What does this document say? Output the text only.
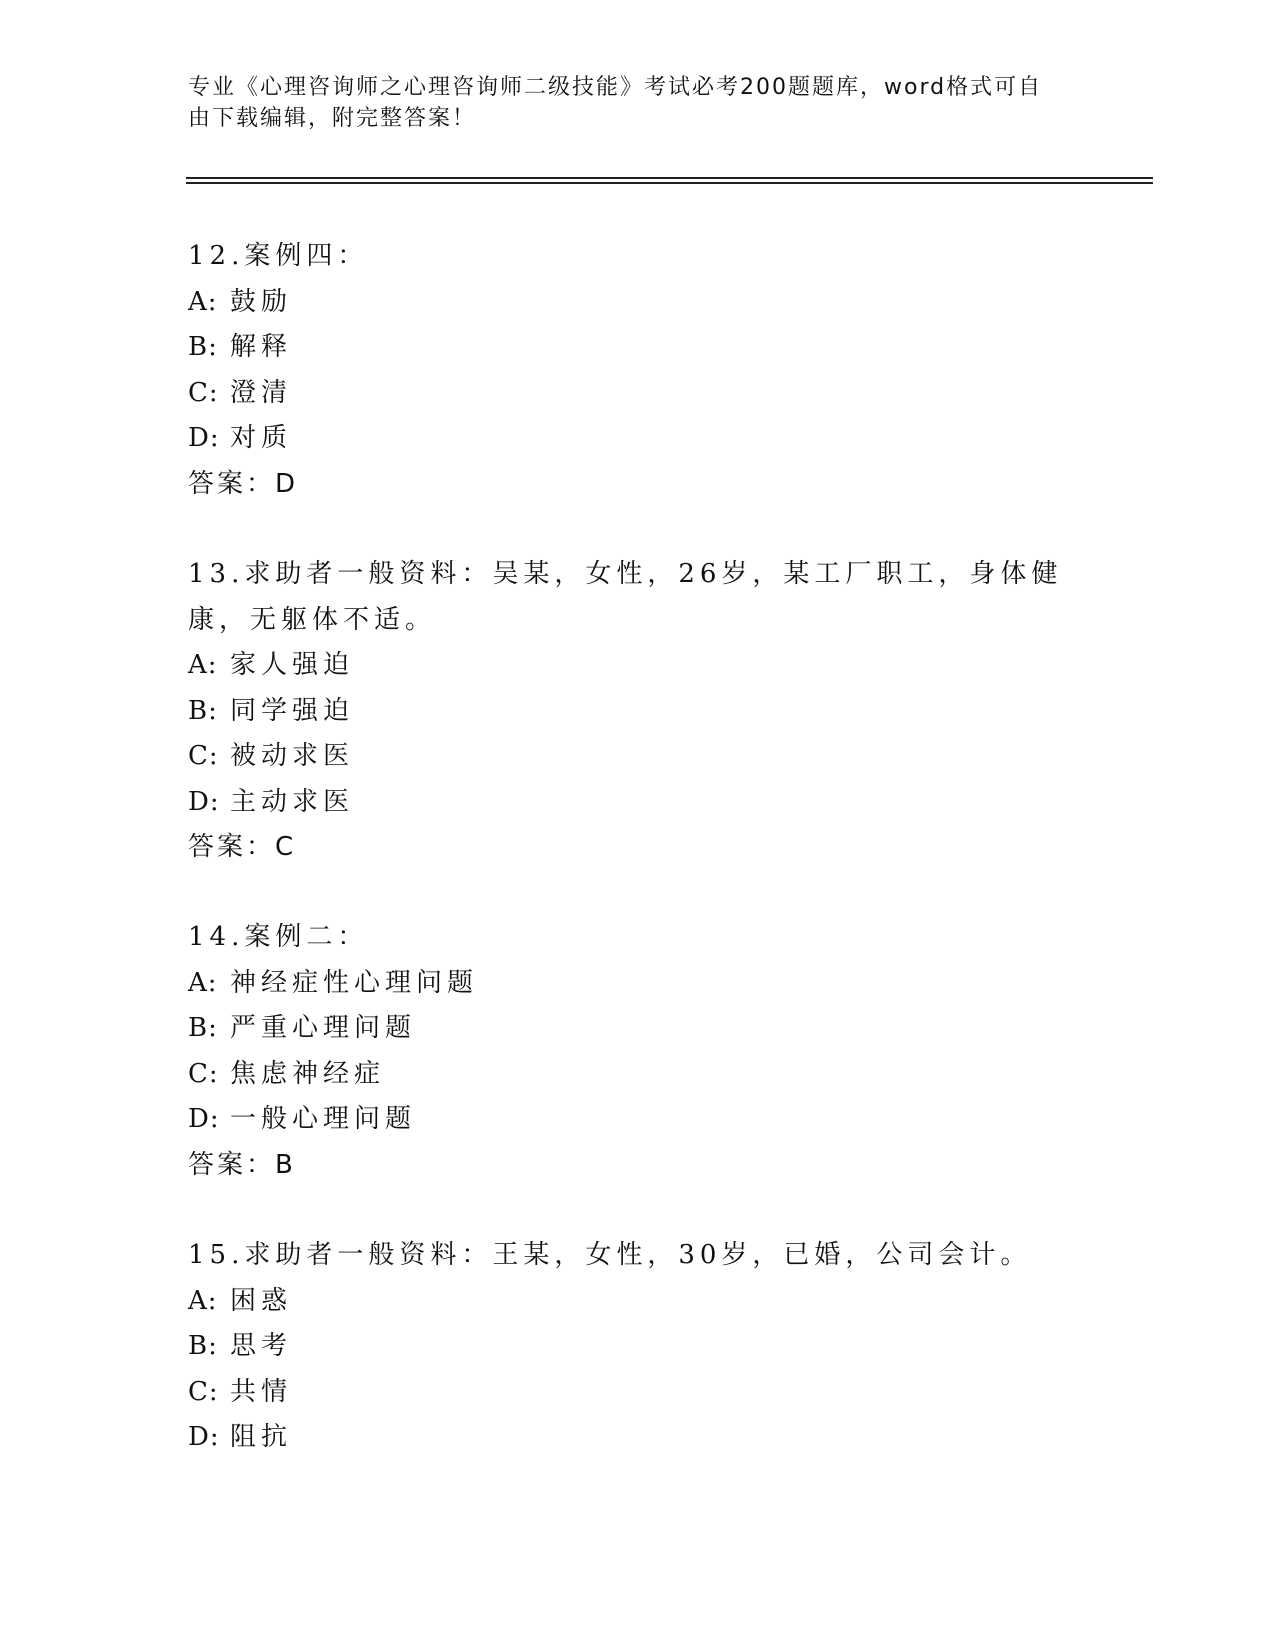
专业《心理咨询师之心理咨询师二级技能》考试必考200题题库，word格式可自
由下载编辑，附完整答案！

12.案例四：

A: 鼓励

B: 解释

C: 澄清

D: 对质

答案：D

13.求助者一般资料：吴某，女性，26岁，某工厂职工，身体健康，无躯体不适。

A: 家人强迫

B: 同学强迫

C: 被动求医

D: 主动求医

答案：C

14.案例二：

A: 神经症性心理问题

B: 严重心理问题

C: 焦虑神经症

D: 一般心理问题

答案：B

15.求助者一般资料：王某，女性，30岁，已婚，公司会计。

A: 困惑

B: 思考

C: 共情

D: 阻抗
